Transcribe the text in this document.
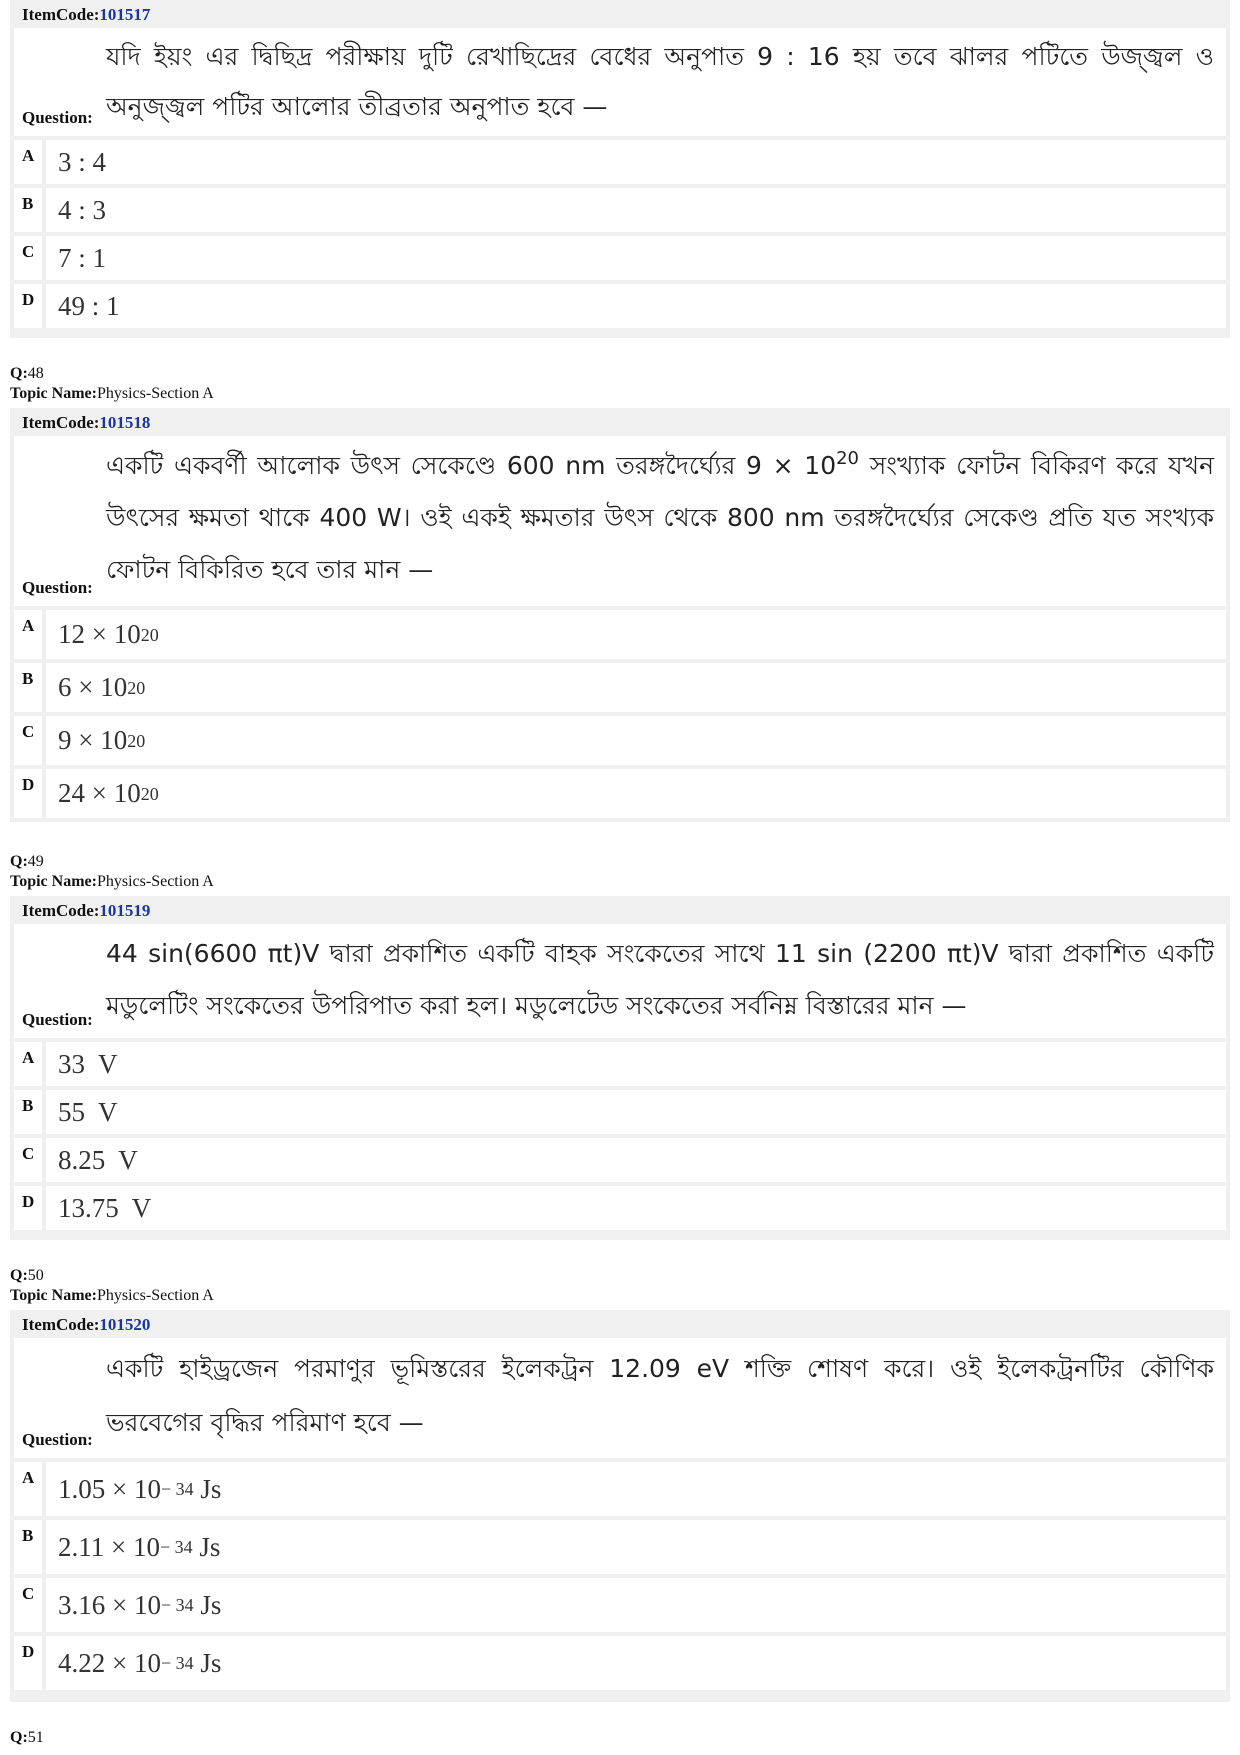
ItemCode:101517
যদি ইয়ং এর দ্বিছিদ্র পরীক্ষায় দুটি রেখাছিদ্রের বেধের অনুপাত 9 : 16 হয় তবে ঝালর পটিতে উজ্জ্বল ও অনুজ্জ্বল পটির আলোর তীব্রতার অনুপাত হবে —
Question:
A 3 : 4
B 4 : 3
C 7 : 1
D 49 : 1
Q:48
Topic Name:Physics-Section A
ItemCode:101518
একটি একবর্ণী আলোক উৎস সেকেণ্ডে 600 nm তরঙ্গদৈর্ঘ্যের $9 \times 10^{20}$ সংখ্যাক ফোটন বিকিরণ করে যখন উৎসের ক্ষমতা থাকে 400 W। ওই একই ক্ষমতার উৎস থেকে 800 nm তরঙ্গদৈর্ঘ্যের সেকেণ্ড প্রতি যত সংখ্যক ফোটন বিকিরিত হবে তার মান —
Question:
A 12 × 10 20
B 6 × 10 20
C 9 × 10 20
D 24 × 10 20
Q:49
Topic Name:Physics-Section A
ItemCode:101519
44 sin(6600 πt)V দ্বারা প্রকাশিত একটি বাহক সংকেতের সাথে 11 sin (2200 πt)V দ্বারা প্রকাশিত একটি মডুলেটিং সংকেতের উপরিপাত করা হল। মডুলেটেড সংকেতের সর্বনিম্ন বিস্তারের মান —
Question:
A 33  V
B 55  V
C 8.25  V
D 13.75  V
Q:50
Topic Name:Physics-Section A
ItemCode:101520
একটি হাইড্রজেন পরমাণুর ভূমিস্তরের ইলেকট্রন 12.09 eV শক্তি শোষণ করে। ওই ইলেকট্রনটির কৌণিক ভরবেগের বৃদ্ধির পরিমাণ হবে —
Question:
A 1.05 × 10 − 34 Js
B 2.11 × 10 − 34 Js
C 3.16 × 10 − 34 Js
D 4.22 × 10 − 34 Js
Q:51
